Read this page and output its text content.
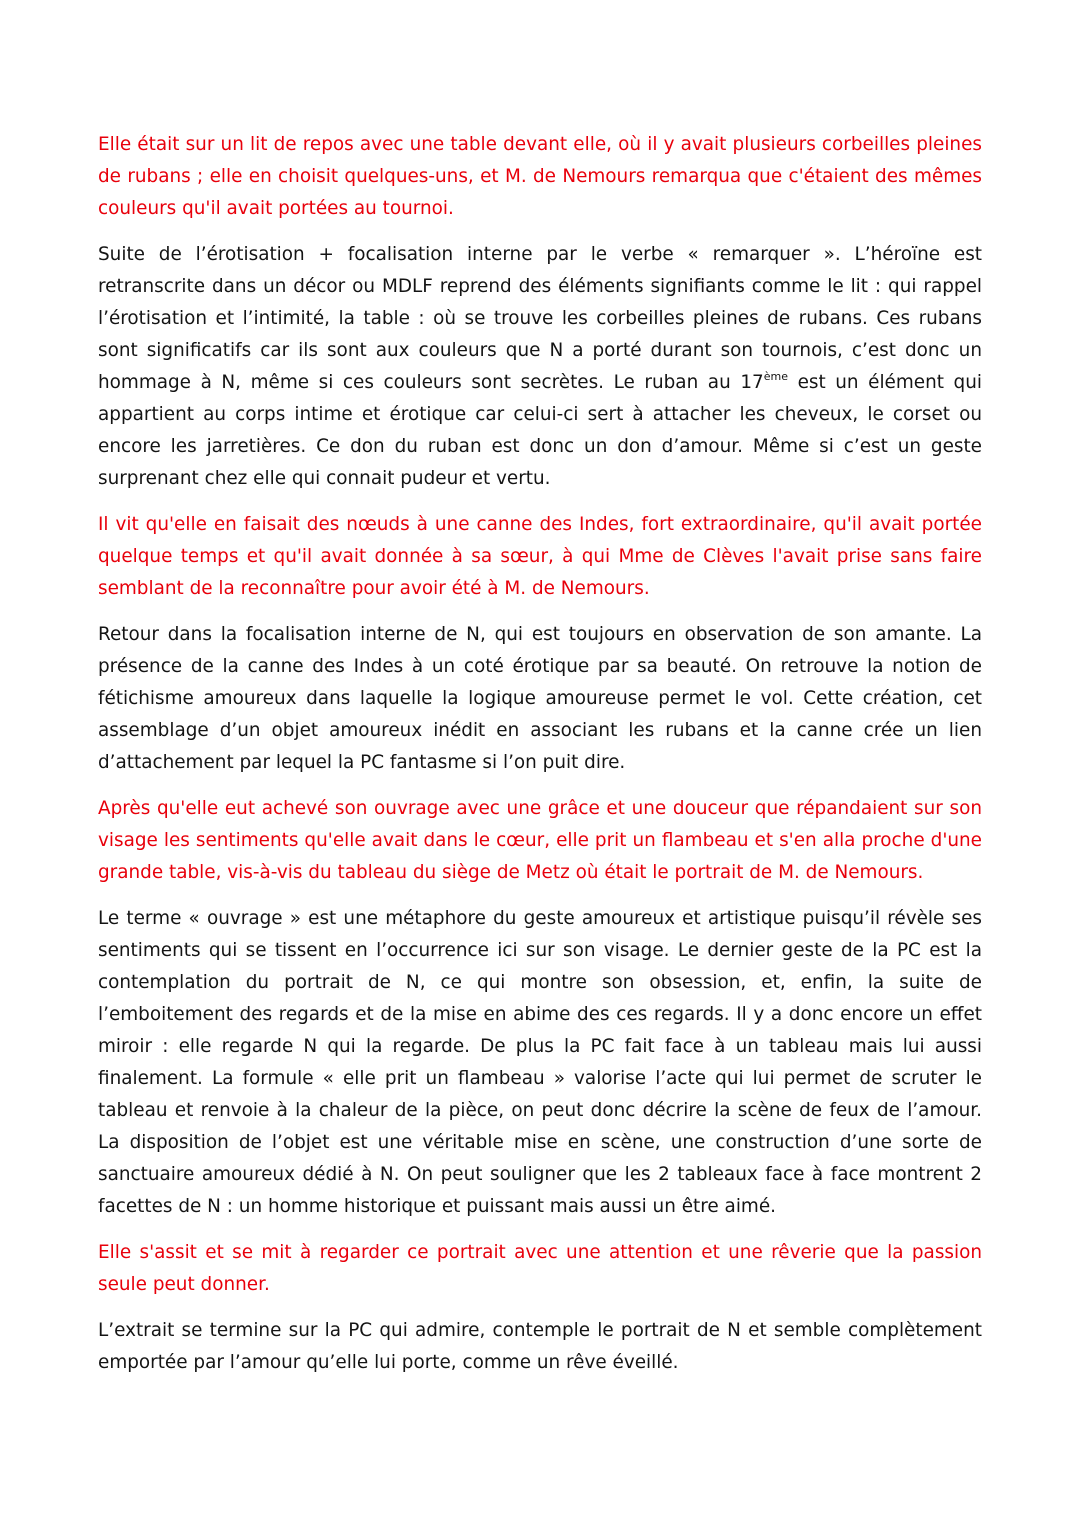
Elle était sur un lit de repos avec une table devant elle, où il y avait plusieurs corbeilles pleines de rubans ; elle en choisit quelques-uns, et M. de Nemours remarqua que c'étaient des mêmes couleurs qu'il avait portées au tournoi.

Suite de l’érotisation + focalisation interne par le verbe « remarquer ». L’héroïne est retranscrite dans un décor ou MDLF reprend des éléments signifiants comme le lit : qui rappel l’érotisation et l’intimité, la table : où se trouve les corbeilles pleines de rubans. Ces rubans sont significatifs car ils sont aux couleurs que N a porté durant son tournois, c’est donc un hommage à N, même si ces couleurs sont secrètes. Le ruban au 17ème est un élément qui appartient au corps intime et érotique car celui-ci sert à attacher les cheveux, le corset ou encore les jarretières. Ce don du ruban est donc un don d’amour. Même si c’est un geste surprenant chez elle qui connait pudeur et vertu.

Il vit qu'elle en faisait des nœuds à une canne des Indes, fort extraordinaire, qu'il avait portée quelque temps et qu'il avait donnée à sa sœur, à qui Mme de Clèves l'avait prise sans faire semblant de la reconnaître pour avoir été à M. de Nemours.

Retour dans la focalisation interne de N, qui est toujours en observation de son amante. La présence de la canne des Indes à un coté érotique par sa beauté. On retrouve la notion de fétichisme amoureux dans laquelle la logique amoureuse permet le vol. Cette création, cet assemblage d’un objet amoureux inédit en associant les rubans et la canne crée un lien d’attachement par lequel la PC fantasme si l’on puit dire.

Après qu'elle eut achevé son ouvrage avec une grâce et une douceur que répandaient sur son visage les sentiments qu'elle avait dans le cœur, elle prit un flambeau et s'en alla proche d'une grande table, vis-à-vis du tableau du siège de Metz où était le portrait de M. de Nemours.

Le terme « ouvrage » est une métaphore du geste amoureux et artistique puisqu’il révèle ses sentiments qui se tissent en l’occurrence ici sur son visage. Le dernier geste de la PC est la contemplation du portrait de N, ce qui montre son obsession, et, enfin, la suite de l’emboitement des regards et de la mise en abime des ces regards. Il y a donc encore un effet miroir : elle regarde N qui la regarde. De plus la PC fait face à un tableau mais lui aussi finalement. La formule « elle prit un flambeau » valorise l’acte qui lui permet de scruter le tableau et renvoie à la chaleur de la pièce, on peut donc décrire la scène de feux de l’amour. La disposition de l’objet est une véritable mise en scène, une construction d’une sorte de sanctuaire amoureux dédié à N. On peut souligner que les 2 tableaux face à face montrent 2 facettes de N : un homme historique et puissant mais aussi un être aimé.

Elle s'assit et se mit à regarder ce portrait avec une attention et une rêverie que la passion seule peut donner.

L’extrait se termine sur la PC qui admire, contemple le portrait de N et semble complètement emportée par l’amour qu’elle lui porte, comme un rêve éveillé.
